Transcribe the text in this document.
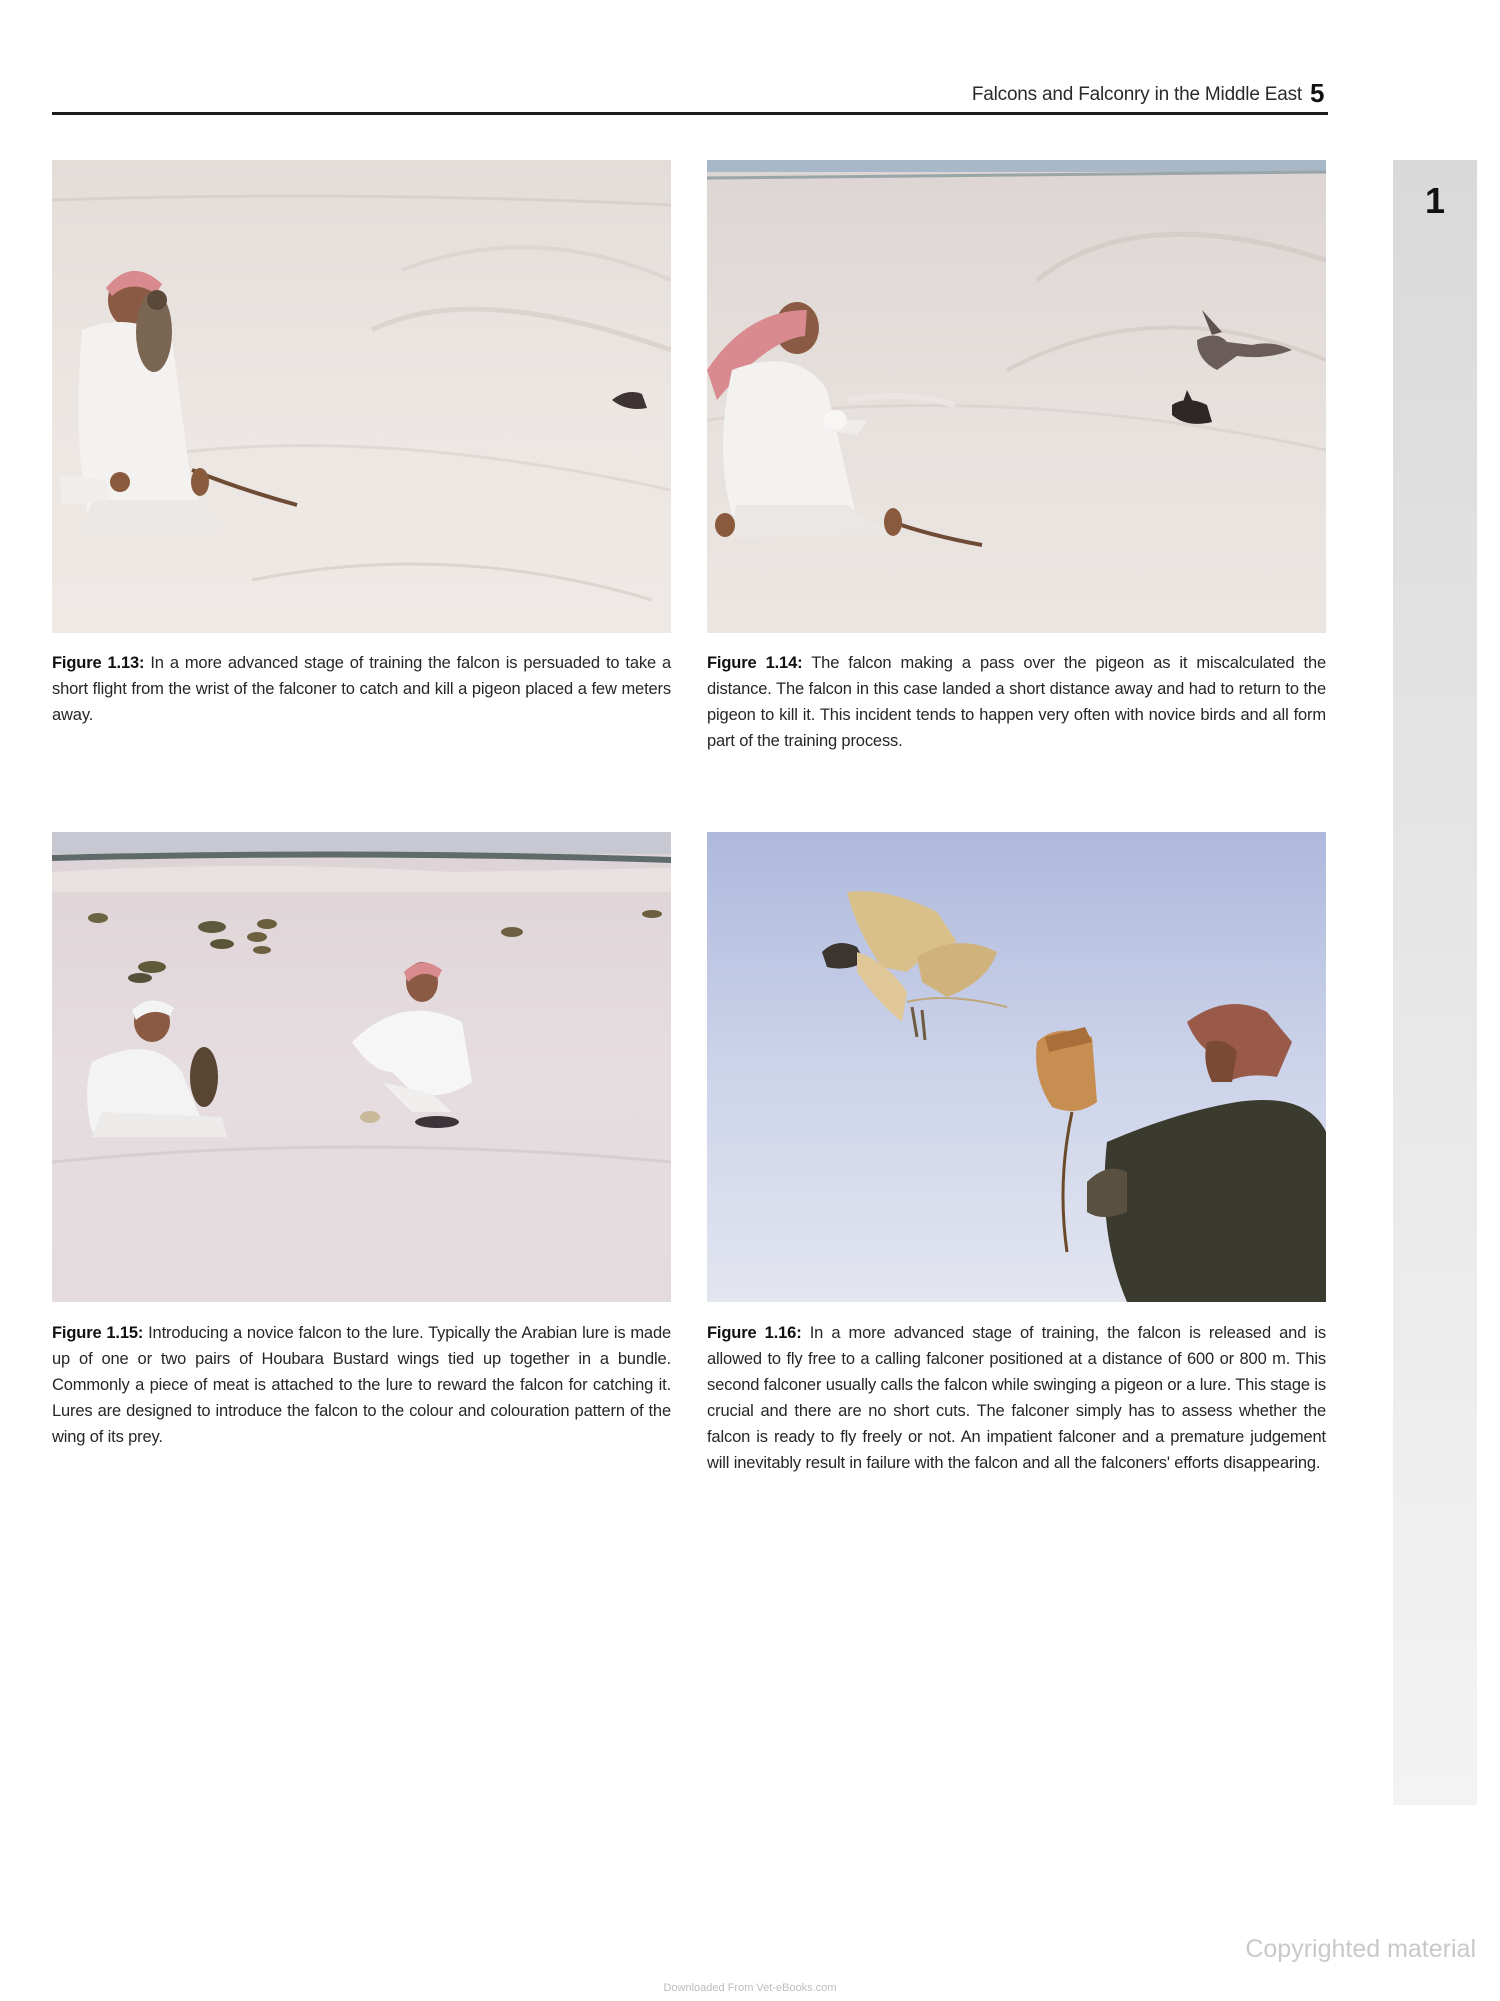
Falcons and Falconry in the Middle East 5
1
Figure 1.13: In a more advanced stage of training the falcon is persuaded to take a short flight from the wrist of the falconer to catch and kill a pigeon placed a few meters away.
Figure 1.14: The falcon making a pass over the pigeon as it miscalculated the distance. The falcon in this case landed a short distance away and had to return to the pigeon to kill it. This incident tends to happen very often with novice birds and all form part of the training process.
Figure 1.15: Introducing a novice falcon to the lure. Typically the Arabian lure is made up of one or two pairs of Houbara Bustard wings tied up together in a bundle. Commonly a piece of meat is attached to the lure to reward the falcon for catching it. Lures are designed to introduce the falcon to the colour and colouration pattern of the wing of its prey.
Figure 1.16: In a more advanced stage of training, the falcon is released and is allowed to fly free to a calling falconer positioned at a distance of 600 or 800 m. This second falconer usually calls the falcon while swinging a pigeon or a lure. This stage is crucial and there are no short cuts. The falconer simply has to assess whether the falcon is ready to fly freely or not. An impatient falconer and a premature judgement will inevitably result in failure with the falcon and all the falconers' efforts disappearing.
Copyrighted material
Downloaded From Vet-eBooks.com
